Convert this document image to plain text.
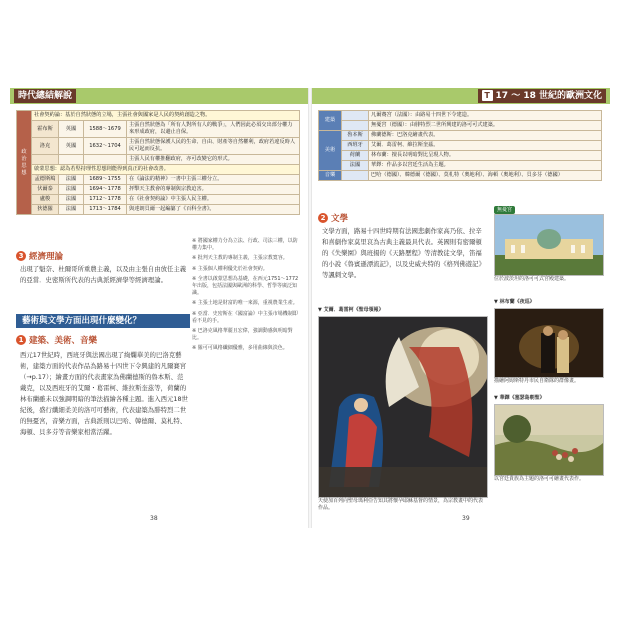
時代總結解說
政治思想	社會契約論：基於自然狀態的立場，主張社會與國家是人民的契約創造之物。			
	霍布斯	英國	1588～1679	主張自然狀態為「所有人對所有人的戰爭」，人們因此必須交出部分權力來形成政府，以避止自保。
	洛克	英國	1632～1704	主張自然狀態保護人民的生命、自由、財產等自然權利，政府若違反時人民可起而反抗。
				主張人民有權推翻政府，亦可改變它的形式。
	啟蒙思想：認為若堅持理性思想則能得到真正的社會改善。			
	孟德斯鳩	法國	1689～1755	在《論法的精神》一書中主張三權分立。
	伏爾泰	法國	1694～1778	抨擊天主教會的專制與宗教迫害。
	盧梭	法國	1712～1778	在《社會契約論》中主張人民主權。
	狄德羅	法國	1713～1784	與達朗貝爾一起編纂了《百科全書》。
3 經濟理論
出現了魁奈、杜爾哥所重農主義，以及由主張自由放任主義的亞當．史密斯所代表的古典派經濟學等經濟理論。
藝術與文學方面出現什麼變化？
1 建築、美術、音樂
西元17世紀時，西班牙與法國出現了絢爛華美的巴洛克藝術，建築方面的代表作品為路易十四世下令興建的凡爾賽宮（→p.17）；繪畫方面的代表畫家為佛蘭德斯的魯本斯、范戴克，以及西班牙的艾爾・葛雷柯、維拉斯奎茲等，荷蘭的林布蘭雖未以強調明暗的筆法描繪各種主題。進入西元18世紀後，盛行纖細柔美的洛可可藝術，代表建築為腓特烈二世的無憂宮，音樂方面，古典派則以巴哈、韓德爾、莫札特、海頓、貝多芬等音樂家相當活躍。
※ 將國家權力分為立法、行政、司法三權，以防權力集中。
※ 批判天主教的專制主義，主張宗教寬容。
※ 主張個人權利優先於社會契約。
※ 全書以啟蒙思想為基礎，在西元1751～1772年出版，包括法國與歐洲的科學、哲學等廣泛知識。
※ 主張土地是財富的唯一來源，重視農業生產。
※ 亞當．史密斯在《國富論》中主張市場機制即看不見的手。
※ 巴洛克風格華麗且宏偉，強調動感與明暗對比。
※ 羅可可風格纖細優雅，多用曲線與淡色。
38
T 17 ～ 18 世紀的歐洲文化
建築		凡爾賽宮（法國）：由路易十四世下令建造。
		無憂宮（德國）：由腓特烈二世所興建的洛可可式建築。
美術	魯本斯	佛蘭德斯：巴洛克繪畫代表。
	西班牙	艾爾．葛雷柯、維拉斯奎茲。
	荷蘭	林布蘭：擅長以明暗對比呈現人物。
	法國	華鐸：作品多以宮廷生活為主題。
音樂		巴哈（德國）、韓德爾（德國）、莫札特（奧地利）、海頓（奧地利）、貝多芬（德國）
2 文學
文學方面，路易十四世時期有法國悲劇作家高乃依、拉辛和喜劇作家莫里哀為古典主義最具代表。英國則有密爾頓的《失樂園》與班揚的《天路歷程》等清教徒文學，笛福的小說《魯賓遜漂流記》，以及史威夫特的《格列佛遊記》等諷刺文學。
▼ 艾爾．葛雷柯《聖母領報》
天使加百列向聖母瑪利亞告知其將懷孕耶穌基督的情景，為宗教畫中的代表作品。
無憂宮
位於波茨坦的洛可可式宮殿建築。
▼ 林布蘭《夜巡》
描繪阿姆斯特丹市民自衛隊的群像畫。
▼ 華鐸《塞瑟島朝聖》
以宮廷貴族為主題的洛可可繪畫代表作。
39
